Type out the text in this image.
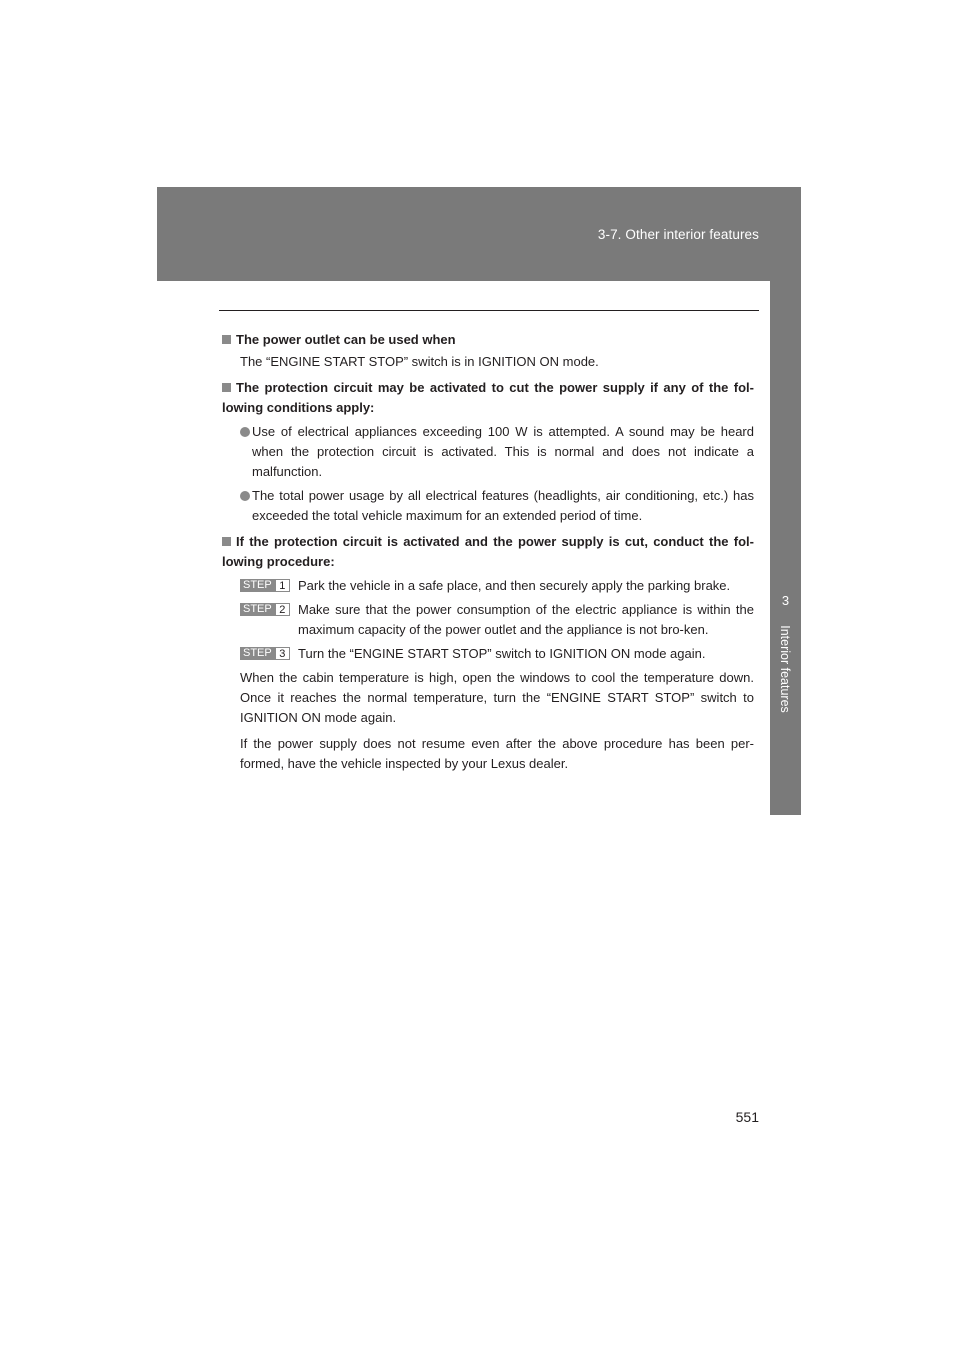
3-7. Other interior features
3
Interior features

The power outlet can be used when

The “ENGINE START STOP” switch is in IGNITION ON mode.

The protection circuit may be activated to cut the power supply if any of the fol-lowing conditions apply:

Use of electrical appliances exceeding 100 W is attempted. A sound may be heard when the protection circuit is activated. This is normal and does not indicate a malfunction.

The total power usage by all electrical features (headlights, air conditioning, etc.) has exceeded the total vehicle maximum for an extended period of time.

If the protection circuit is activated and the power supply is cut, conduct the fol-lowing procedure:

STEP 1 Park the vehicle in a safe place, and then securely apply the parking brake.

STEP 2 Make sure that the power consumption of the electric appliance is within the maximum capacity of the power outlet and the appliance is not bro-ken.

STEP 3 Turn the “ENGINE START STOP” switch to IGNITION ON mode again.

When the cabin temperature is high, open the windows to cool the temperature down. Once it reaches the normal temperature, turn the “ENGINE START STOP” switch to IGNITION ON mode again.

If the power supply does not resume even after the above procedure has been per-formed, have the vehicle inspected by your Lexus dealer.

551
